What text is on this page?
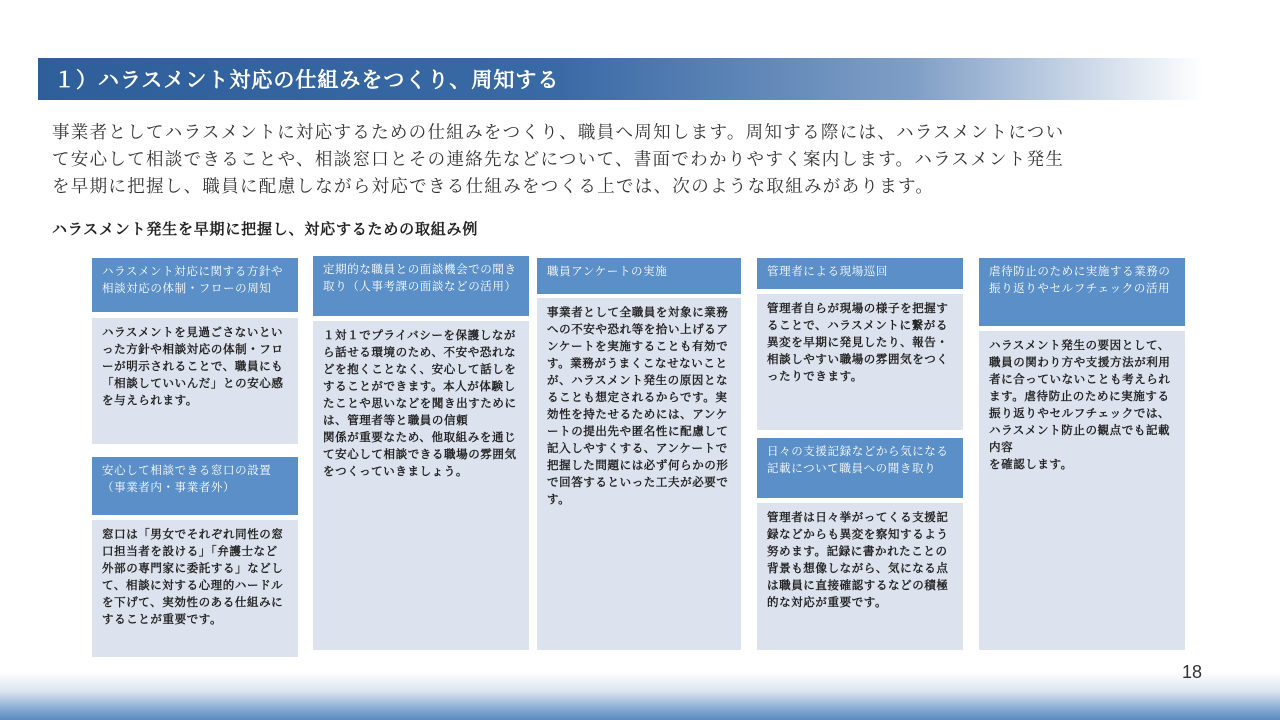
１）ハラスメント対応の仕組みをつくり、周知する

事業者としてハラスメントに対応するための仕組みをつくり、職員へ周知します。周知する際には、ハラスメントについ

て安心して相談できることや、相談窓口とその連絡先などについて、書面でわかりやすく案内します。ハラスメント発生

を早期に把握し、職員に配慮しながら対応できる仕組みをつくる上では、次のような取組みがあります。

ハラスメント発生を早期に把握し、対応するための取組み例
ハラスメント対応に関する方針や相談対応の体制・フローの周知

ハラスメントを見過ごさないといった方針や相談対応の体制・フローが明示されることで、職員にも「相談していいんだ」との安心感を与えられます。

安心して相談できる窓口の設置（事業者内・事業者外）

窓口は「男女でそれぞれ同性の窓口担当者を設ける」「弁護士など外部の専門家に委託する」などして、相談に対する心理的ハードルを下げて、実効性のある仕組みにすることが重要です。

定期的な職員との面談機会での聞き取り（人事考課の面談などの活用）

１対１でプライバシーを保護しながら話せる環境のため、不安や恐れなどを抱くことなく、安心して話しをすることができます。本人が体験したことや思いなどを聞き出すためには、管理者等と職員の信頼

関係が重要なため、他取組みを通じて安心して相談できる職場の雰囲気をつくっていきましょう。

職員アンケートの実施

事業者として全職員を対象に業務への不安や恐れ等を拾い上げるアンケートを実施することも有効です。業務がうまくこなせないことが、ハラスメント発生の原因となることも想定されるからです。実効性を持たせるためには、アンケートの提出先や匿名性に配慮して記入しやすくする、アンケートで把握した問題には必ず何らかの形で回答するといった工夫が必要です。

管理者による現場巡回

管理者自らが現場の様子を把握することで、ハラスメントに繋がる異変を早期に発見したり、報告・相談しやすい職場の雰囲気をつくったりできます。

日々の支援記録などから気になる記載について職員への聞き取り

管理者は日々挙がってくる支援記録などからも異変を察知するよう努めます。記録に書かれたことの

背景も想像しながら、気になる点は職員に直接確認するなどの積極的な対応が重要です。

虐待防止のために実施する業務の振り返りやセルフチェックの活用

ハラスメント発生の要因として、職員の関わり方や支援方法が利用者に合っていないことも考えられます。虐待防止のために実施する振り返りやセルフチェックでは、ハラスメント防止の観点でも記載内容

を確認します。

18
